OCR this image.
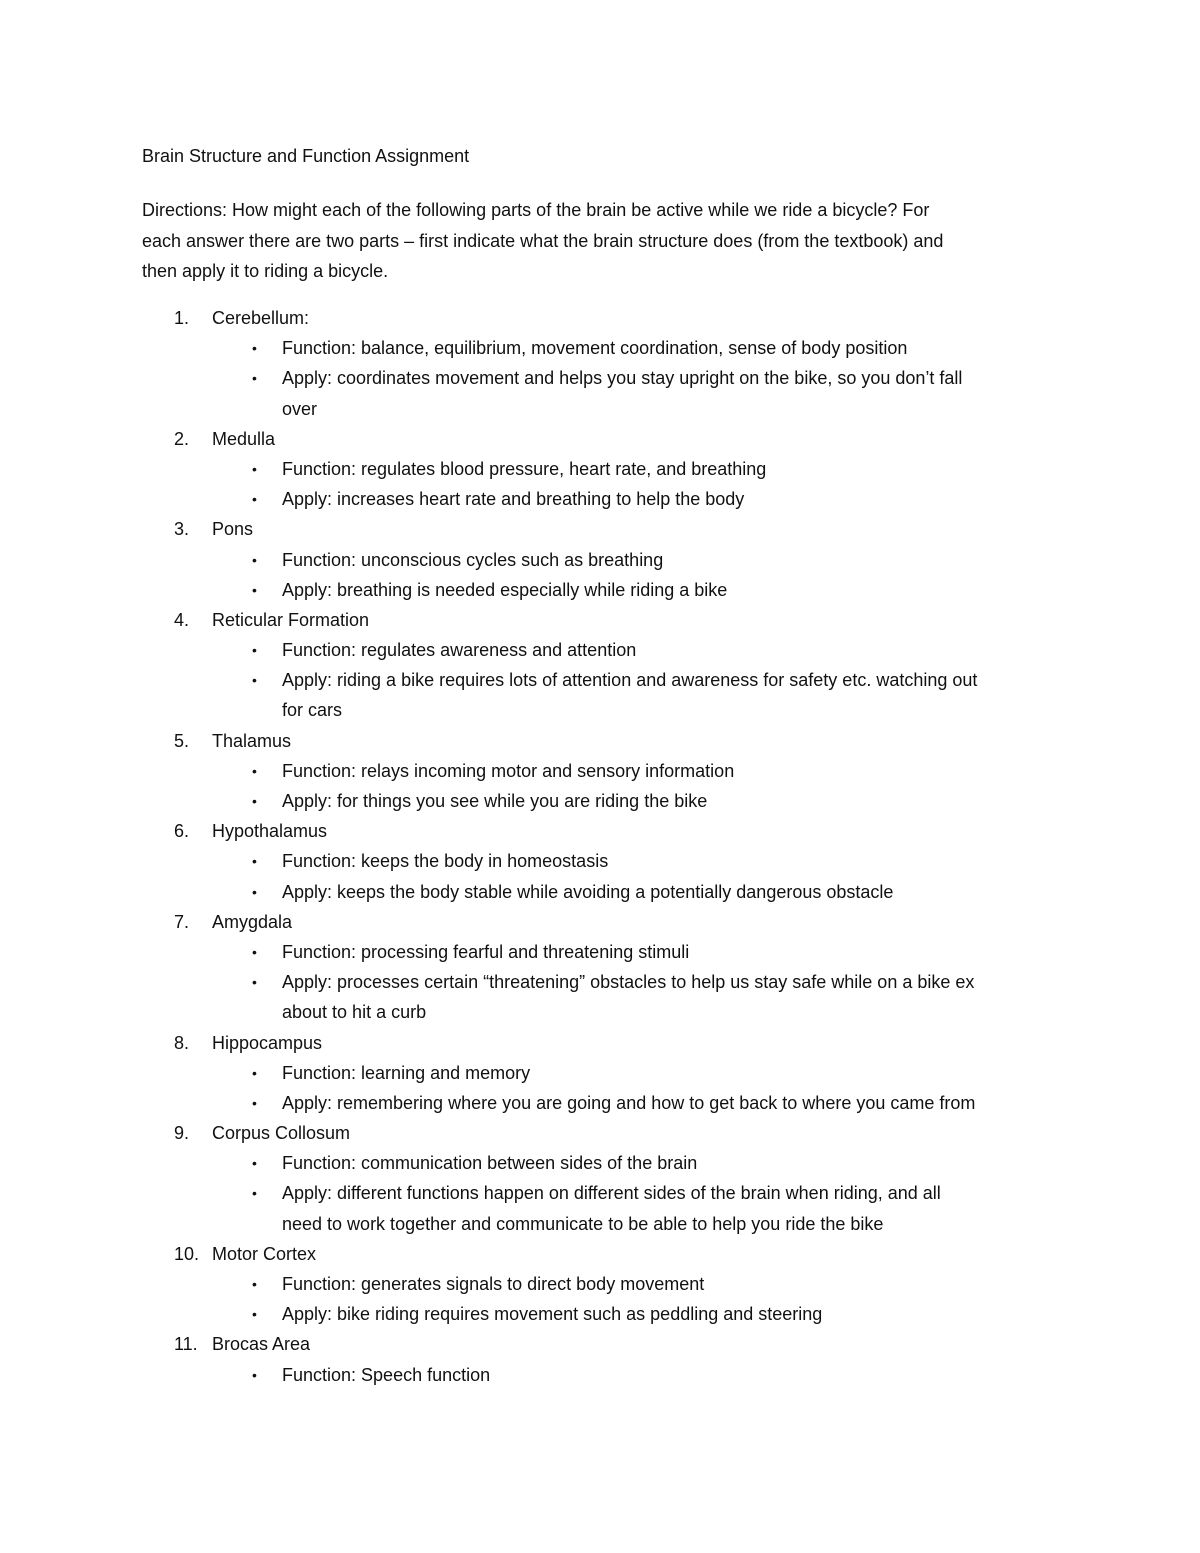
Brain Structure and Function Assignment

Directions: How might each of the following parts of the brain be active while we ride a bicycle? For
each answer there are two parts – first indicate what the brain structure does (from the textbook) and
then apply it to riding a bicycle.

1. Cerebellum:
• Function: balance, equilibrium, movement coordination, sense of body position
• Apply: coordinates movement and helps you stay upright on the bike, so you don’t fall
over
2. Medulla
• Function: regulates blood pressure, heart rate, and breathing
• Apply: increases heart rate and breathing to help the body
3. Pons
• Function: unconscious cycles such as breathing
• Apply: breathing is needed especially while riding a bike
4. Reticular Formation
• Function: regulates awareness and attention
• Apply: riding a bike requires lots of attention and awareness for safety etc. watching out
for cars
5. Thalamus
• Function: relays incoming motor and sensory information
• Apply: for things you see while you are riding the bike
6. Hypothalamus
• Function: keeps the body in homeostasis
• Apply: keeps the body stable while avoiding a potentially dangerous obstacle
7. Amygdala
• Function: processing fearful and threatening stimuli
• Apply: processes certain “threatening” obstacles to help us stay safe while on a bike ex
about to hit a curb
8. Hippocampus
• Function: learning and memory
• Apply: remembering where you are going and how to get back to where you came from
9. Corpus Collosum
• Function: communication between sides of the brain
• Apply: different functions happen on different sides of the brain when riding, and all
need to work together and communicate to be able to help you ride the bike
10. Motor Cortex
• Function: generates signals to direct body movement
• Apply: bike riding requires movement such as peddling and steering
11. Brocas Area
• Function: Speech function
